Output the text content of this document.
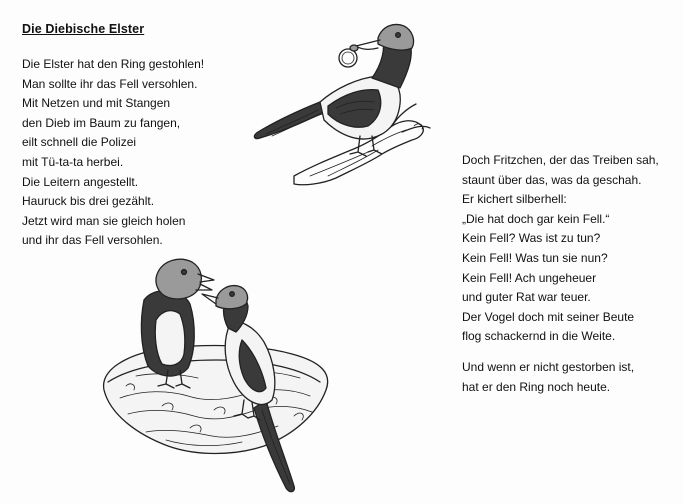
Die Diebische Elster
Die Elster hat den Ring gestohlen!
Man sollte ihr das Fell versohlen.
Mit Netzen und mit Stangen
den Dieb im Baum zu fangen,
eilt schnell die Polizei
mit Tü-ta-ta herbei.
Die Leitern angestellt.
Hauruck bis drei gezählt.
Jetzt wird man sie gleich holen
und ihr das Fell versohlen.
Doch Fritzchen, der das Treiben sah,
staunt über das, was da geschah.
Er kichert silberhell:
„Die hat doch gar kein Fell.“
Kein Fell? Was ist zu tun?
Kein Fell! Was tun sie nun?
Kein Fell! Ach ungeheuer
und guter Rat war teuer.
Der Vogel doch mit seiner Beute
flog schackernd in die Weite.
Und wenn er nicht gestorben ist,
hat er den Ring noch heute.
